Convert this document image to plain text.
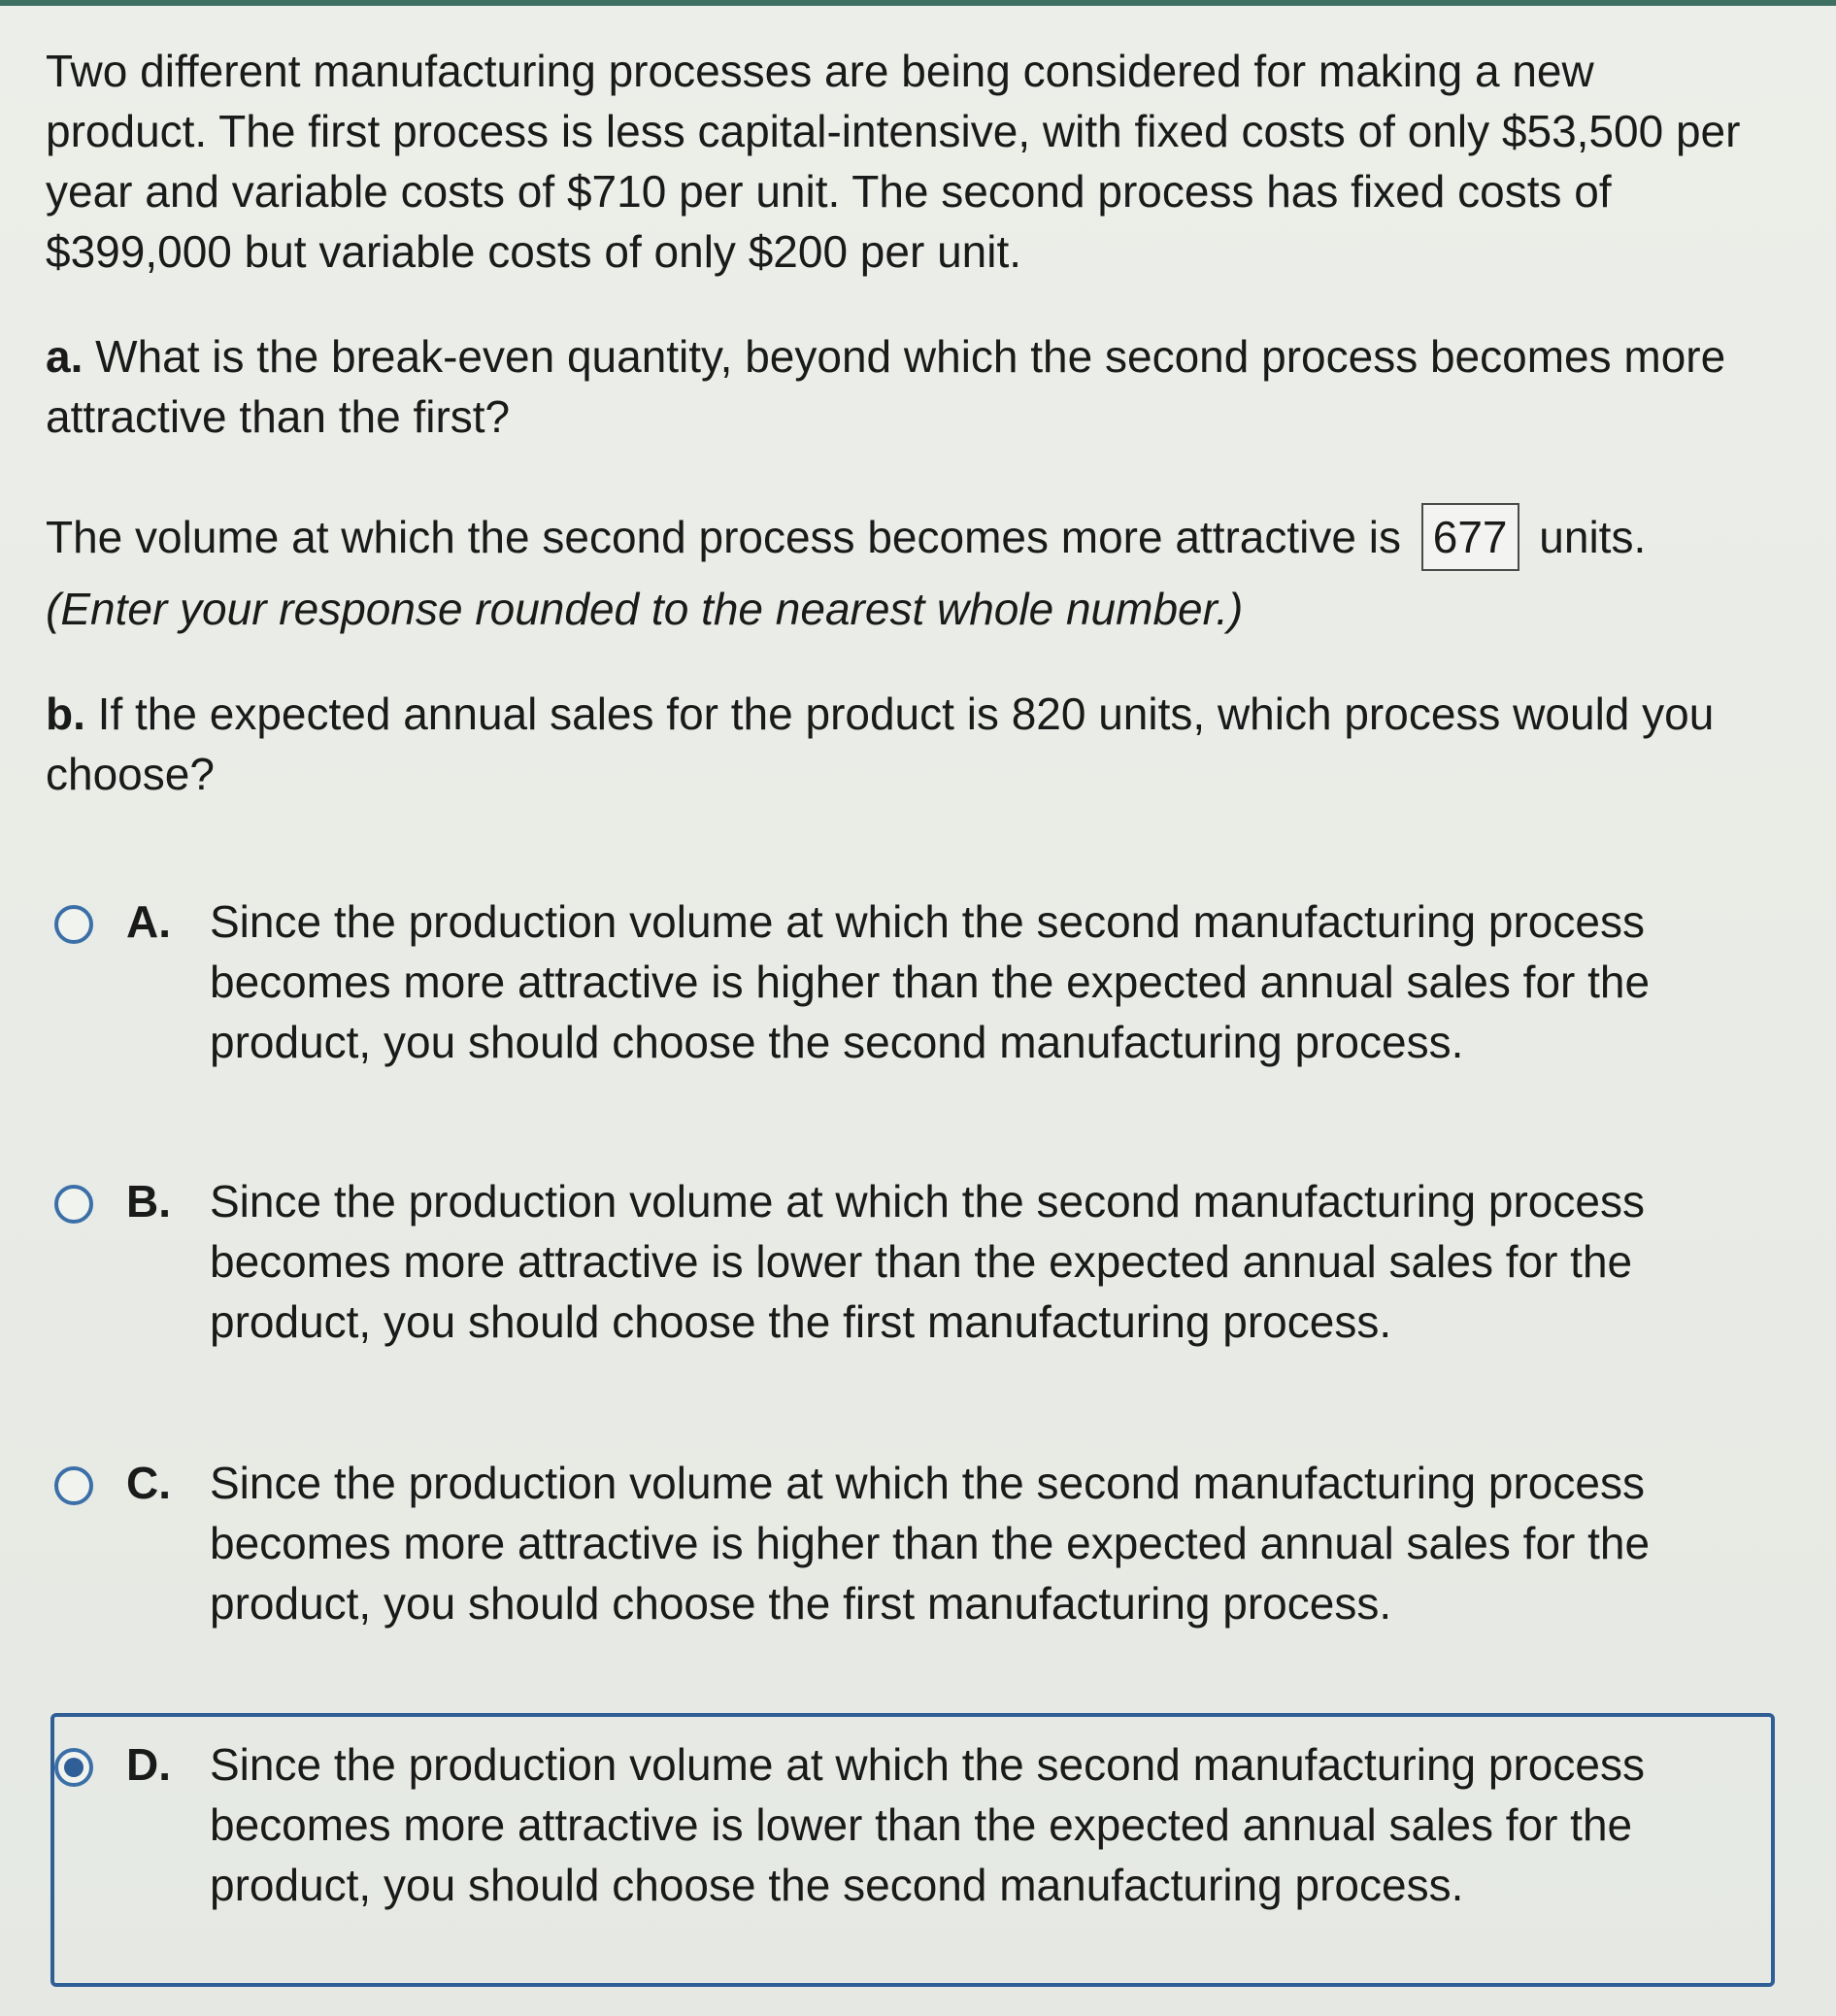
Two different manufacturing processes are being considered for making a new product. The first process is less capital-intensive, with fixed costs of only $53,500 per year and variable costs of $710 per unit. The second process has fixed costs of $399,000 but variable costs of only $200 per unit.
a. What is the break-even quantity, beyond which the second process becomes more attractive than the first?
The volume at which the second process becomes more attractive is 677 units.
(Enter your response rounded to the nearest whole number.)
b. If the expected annual sales for the product is 820 units, which process would you choose?
A. Since the production volume at which the second manufacturing process becomes more attractive is higher than the expected annual sales for the product, you should choose the second manufacturing process.
B. Since the production volume at which the second manufacturing process becomes more attractive is lower than the expected annual sales for the product, you should choose the first manufacturing process.
C. Since the production volume at which the second manufacturing process becomes more attractive is higher than the expected annual sales for the product, you should choose the first manufacturing process.
D. Since the production volume at which the second manufacturing process becomes more attractive is lower than the expected annual sales for the product, you should choose the second manufacturing process.
